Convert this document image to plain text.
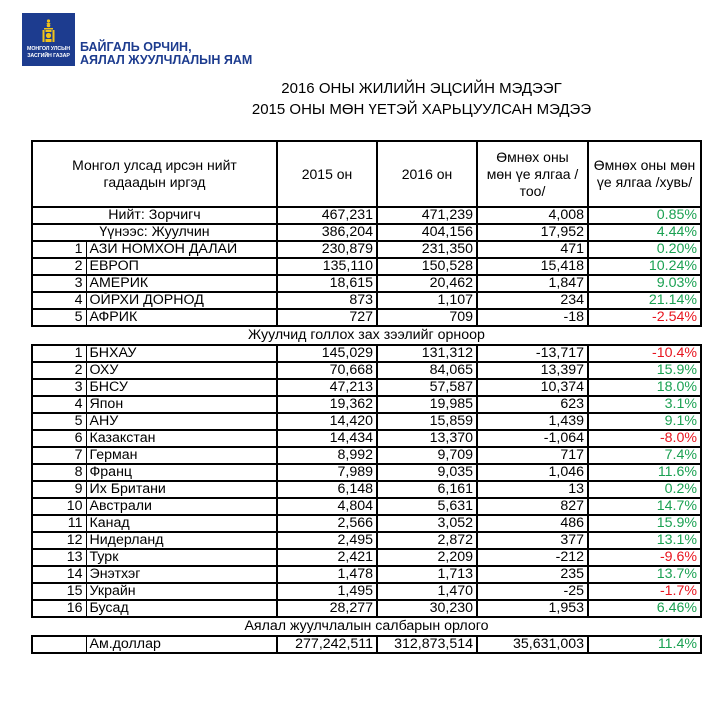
МОНГОЛ УЛСЫН
ЗАСГИЙН ГАЗАР
БАЙГАЛЬ ОРЧИН,
АЯЛАЛ ЖУУЛЧЛАЛЫН ЯАМ
2016 ОНЫ ЖИЛИЙН ЭЦСИЙН МЭДЭЭГ
2015 ОНЫ МӨН ҮЕТЭЙ ХАРЬЦУУЛСАН МЭДЭЭ
Монгол улсад ирсэн нийт гадаадын иргэд		2015 он	2016 он	Өмнөх оны мөн үе ялгаа /тоо/	Өмнөх оны мөн үе ялгаа /хувь/
Нийт: Зорчигч		467,231	471,239	4,008	0.85%
Үүнээс: Жуулчин		386,204	404,156	17,952	4.44%
1	АЗИ НОМХОН ДАЛАЙ	230,879	231,350	471	0.20%
2	ЕВРОП	135,110	150,528	15,418	10.24%
3	АМЕРИК	18,615	20,462	1,847	9.03%
4	ОЙРХИ ДОРНОД	873	1,107	234	21.14%
5	АФРИК	727	709	-18	-2.54%
Жуулчид голлох зах зээлийг орноор					
1	БНХАУ	145,029	131,312	-13,717	-10.4%
2	ОХУ	70,668	84,065	13,397	15.9%
3	БНСУ	47,213	57,587	10,374	18.0%
4	Япон	19,362	19,985	623	3.1%
5	АНУ	14,420	15,859	1,439	9.1%
6	Казакстан	14,434	13,370	-1,064	-8.0%
7	Герман	8,992	9,709	717	7.4%
8	Франц	7,989	9,035	1,046	11.6%
9	Их Британи	6,148	6,161	13	0.2%
10	Австрали	4,804	5,631	827	14.7%
11	Канад	2,566	3,052	486	15.9%
12	Нидерланд	2,495	2,872	377	13.1%
13	Турк	2,421	2,209	-212	-9.6%
14	Энэтхэг	1,478	1,713	235	13.7%
15	Украйн	1,495	1,470	-25	-1.7%
16	Бусад	28,277	30,230	1,953	6.46%
Аялал жуулчлалын салбарын орлого					
	Ам.доллар	277,242,511	312,873,514	35,631,003	11.4%
